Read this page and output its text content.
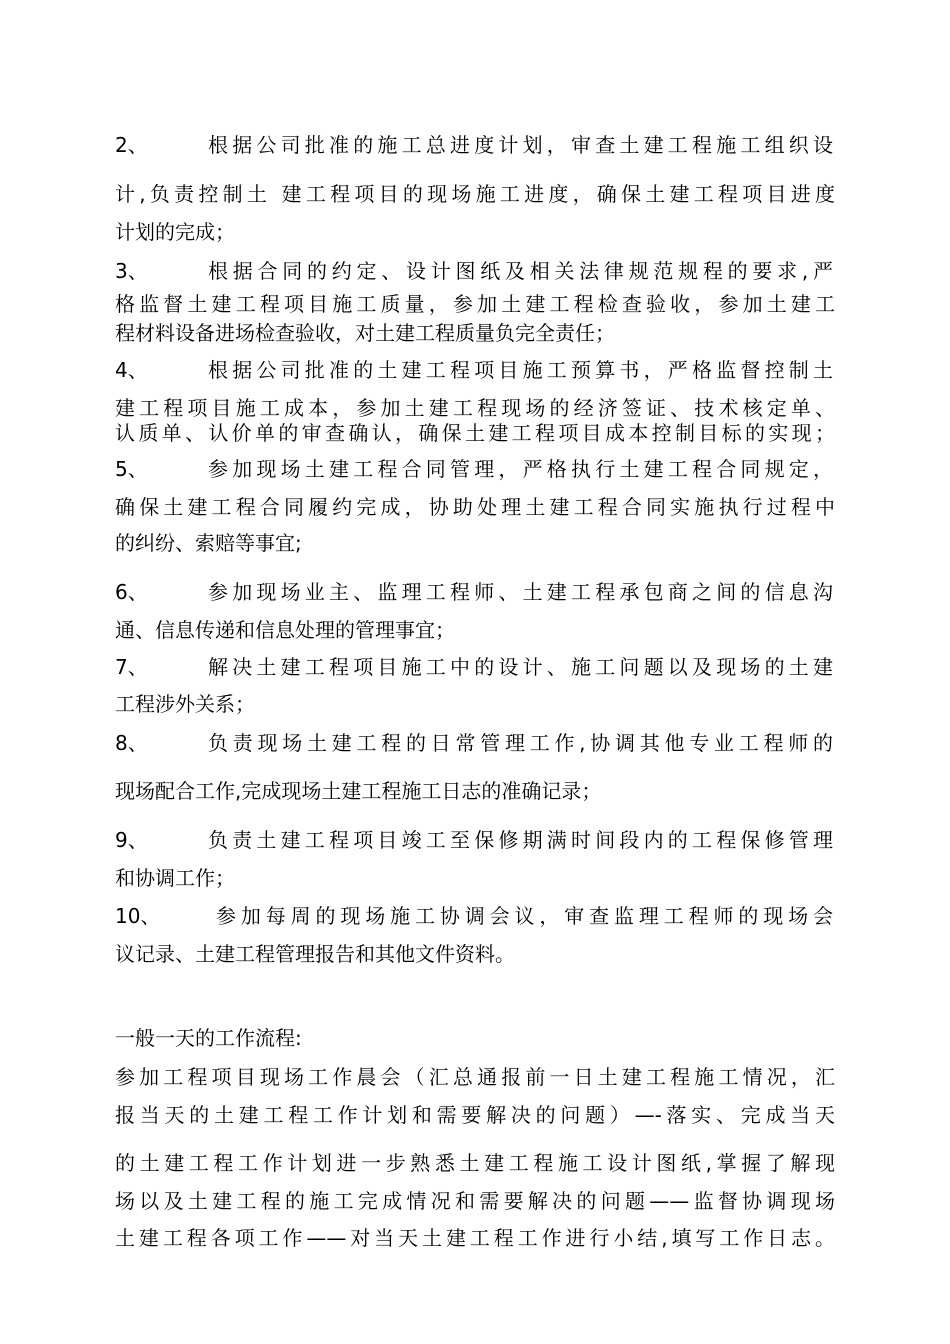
2、	根据公司批准的施工总进度计划，审查土建工程施工组织设
计,负责控制土 建工程项目的现场施工进度，确保土建工程项目进度
计划的完成；
3、	根据合同的约定、设计图纸及相关法律规范规程的要求,严
格监督土建工程项目施工质量，参加土建工程检查验收，参加土建工
程材料设备进场检查验收，对土建工程质量负完全责任；
4、	根据公司批准的土建工程项目施工预算书，严格监督控制土
建工程项目施工成本，参加土建工程现场的经济签证、技术核定单、
认质单、认价单的审查确认，确保土建工程项目成本控制目标的实现；
5、	参加现场土建工程合同管理，严格执行土建工程合同规定，
确保土建工程合同履约完成，协助处理土建工程合同实施执行过程中
的纠纷、索赔等事宜;
6、	参加现场业主、监理工程师、土建工程承包商之间的信息沟
通、信息传递和信息处理的管理事宜；
7、	解决土建工程项目施工中的设计、施工问题以及现场的土建
工程涉外关系；
8、	负责现场土建工程的日常管理工作,协调其他专业工程师的
现场配合工作,完成现场土建工程施工日志的准确记录；
9、	负责土建工程项目竣工至保修期满时间段内的工程保修管理
和协调工作；
10、	参加每周的现场施工协调会议，审查监理工程师的现场会
议记录、土建工程管理报告和其他文件资料。
一般一天的工作流程:
参加工程项目现场工作晨会（汇总通报前一日土建工程施工情况，汇
报当天的土建工程工作计划和需要解决的问题）—-落实、完成当天
的土建工程工作计划进一步熟悉土建工程施工设计图纸,掌握了解现
场以及土建工程的施工完成情况和需要解决的问题——监督协调现场
土建工程各项工作——对当天土建工程工作进行小结,填写工作日志。
